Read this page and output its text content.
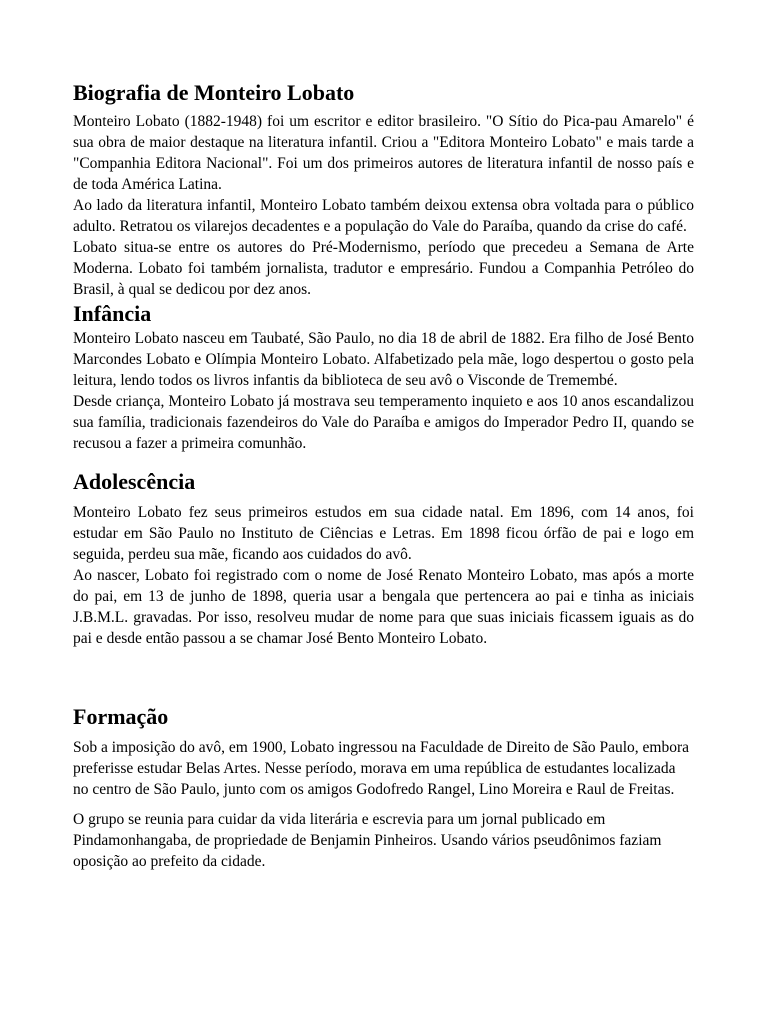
Biografia de Monteiro Lobato

Monteiro Lobato (1882-1948) foi um escritor e editor brasileiro. "O Sítio do Pica-pau Amarelo" é sua obra de maior destaque na literatura infantil. Criou a "Editora Monteiro Lobato" e mais tarde a "Companhia Editora Nacional". Foi um dos primeiros autores de literatura infantil de nosso país e de toda América Latina.

Ao lado da literatura infantil, Monteiro Lobato também deixou extensa obra voltada para o público adulto. Retratou os vilarejos decadentes e a população do Vale do Paraíba, quando da crise do café.

Lobato situa-se entre os autores do Pré-Modernismo, período que precedeu a Semana de Arte Moderna. Lobato foi também jornalista, tradutor e empresário. Fundou a Companhia Petróleo do Brasil, à qual se dedicou por dez anos.

Infância

Monteiro Lobato nasceu em Taubaté, São Paulo, no dia 18 de abril de 1882. Era filho de José Bento Marcondes Lobato e Olímpia Monteiro Lobato. Alfabetizado pela mãe, logo despertou o gosto pela leitura, lendo todos os livros infantis da biblioteca de seu avô o Visconde de Tremembé.

Desde criança, Monteiro Lobato já mostrava seu temperamento inquieto e aos 10 anos escandalizou sua família, tradicionais fazendeiros do Vale do Paraíba e amigos do Imperador Pedro II, quando se recusou a fazer a primeira comunhão.

Adolescência

Monteiro Lobato fez seus primeiros estudos em sua cidade natal. Em 1896, com 14 anos, foi estudar em São Paulo no Instituto de Ciências e Letras. Em 1898 ficou órfão de pai e logo em seguida, perdeu sua mãe, ficando aos cuidados do avô.

Ao nascer, Lobato foi registrado com o nome de José Renato Monteiro Lobato, mas após a morte do pai, em 13 de junho de 1898, queria usar a bengala que pertencera ao pai e tinha as iniciais J.B.M.L. gravadas. Por isso, resolveu mudar de nome para que suas iniciais ficassem iguais as do pai e desde então passou a se chamar José Bento Monteiro Lobato.

Formação

Sob a imposição do avô, em 1900, Lobato ingressou na Faculdade de Direito de São Paulo, embora preferisse estudar Belas Artes. Nesse período, morava em uma república de estudantes localizada no centro de São Paulo, junto com os amigos Godofredo Rangel, Lino Moreira e Raul de Freitas.

O grupo se reunia para cuidar da vida literária e escrevia para um jornal publicado em Pindamonhangaba, de propriedade de Benjamin Pinheiros. Usando vários pseudônimos faziam oposição ao prefeito da cidade.
